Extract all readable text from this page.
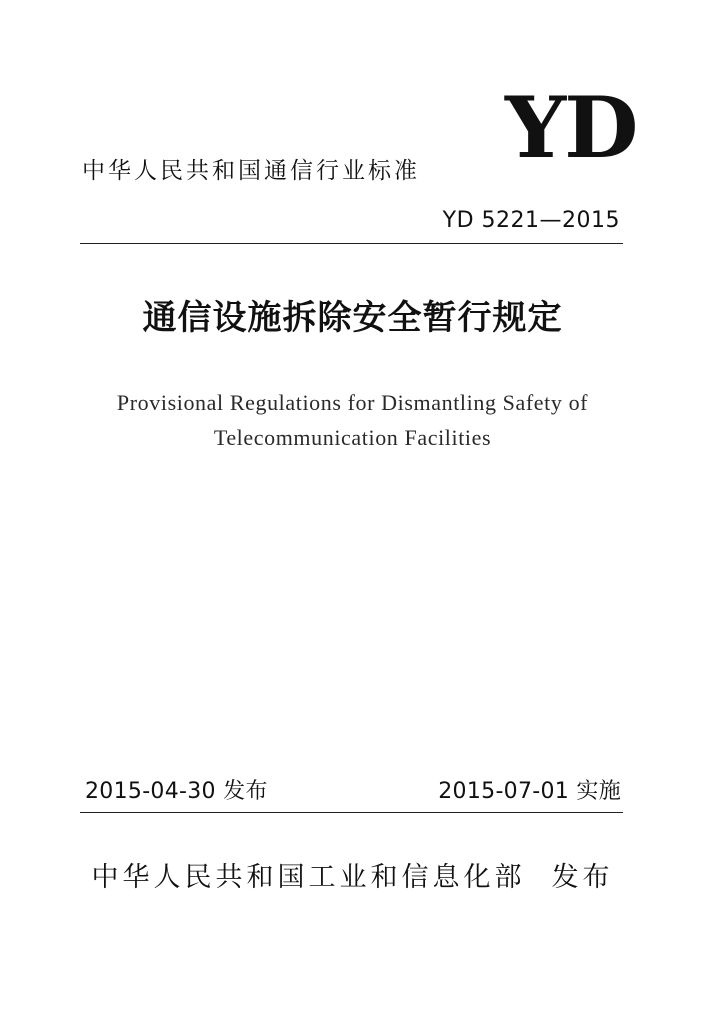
YD
中华人民共和国通信行业标准
YD 5221—2015
通信设施拆除安全暂行规定
Provisional Regulations for Dismantling Safety of
Telecommunication Facilities
2015-04-30 发布	2015-07-01 实施
中华人民共和国工业和信息化部 发布
